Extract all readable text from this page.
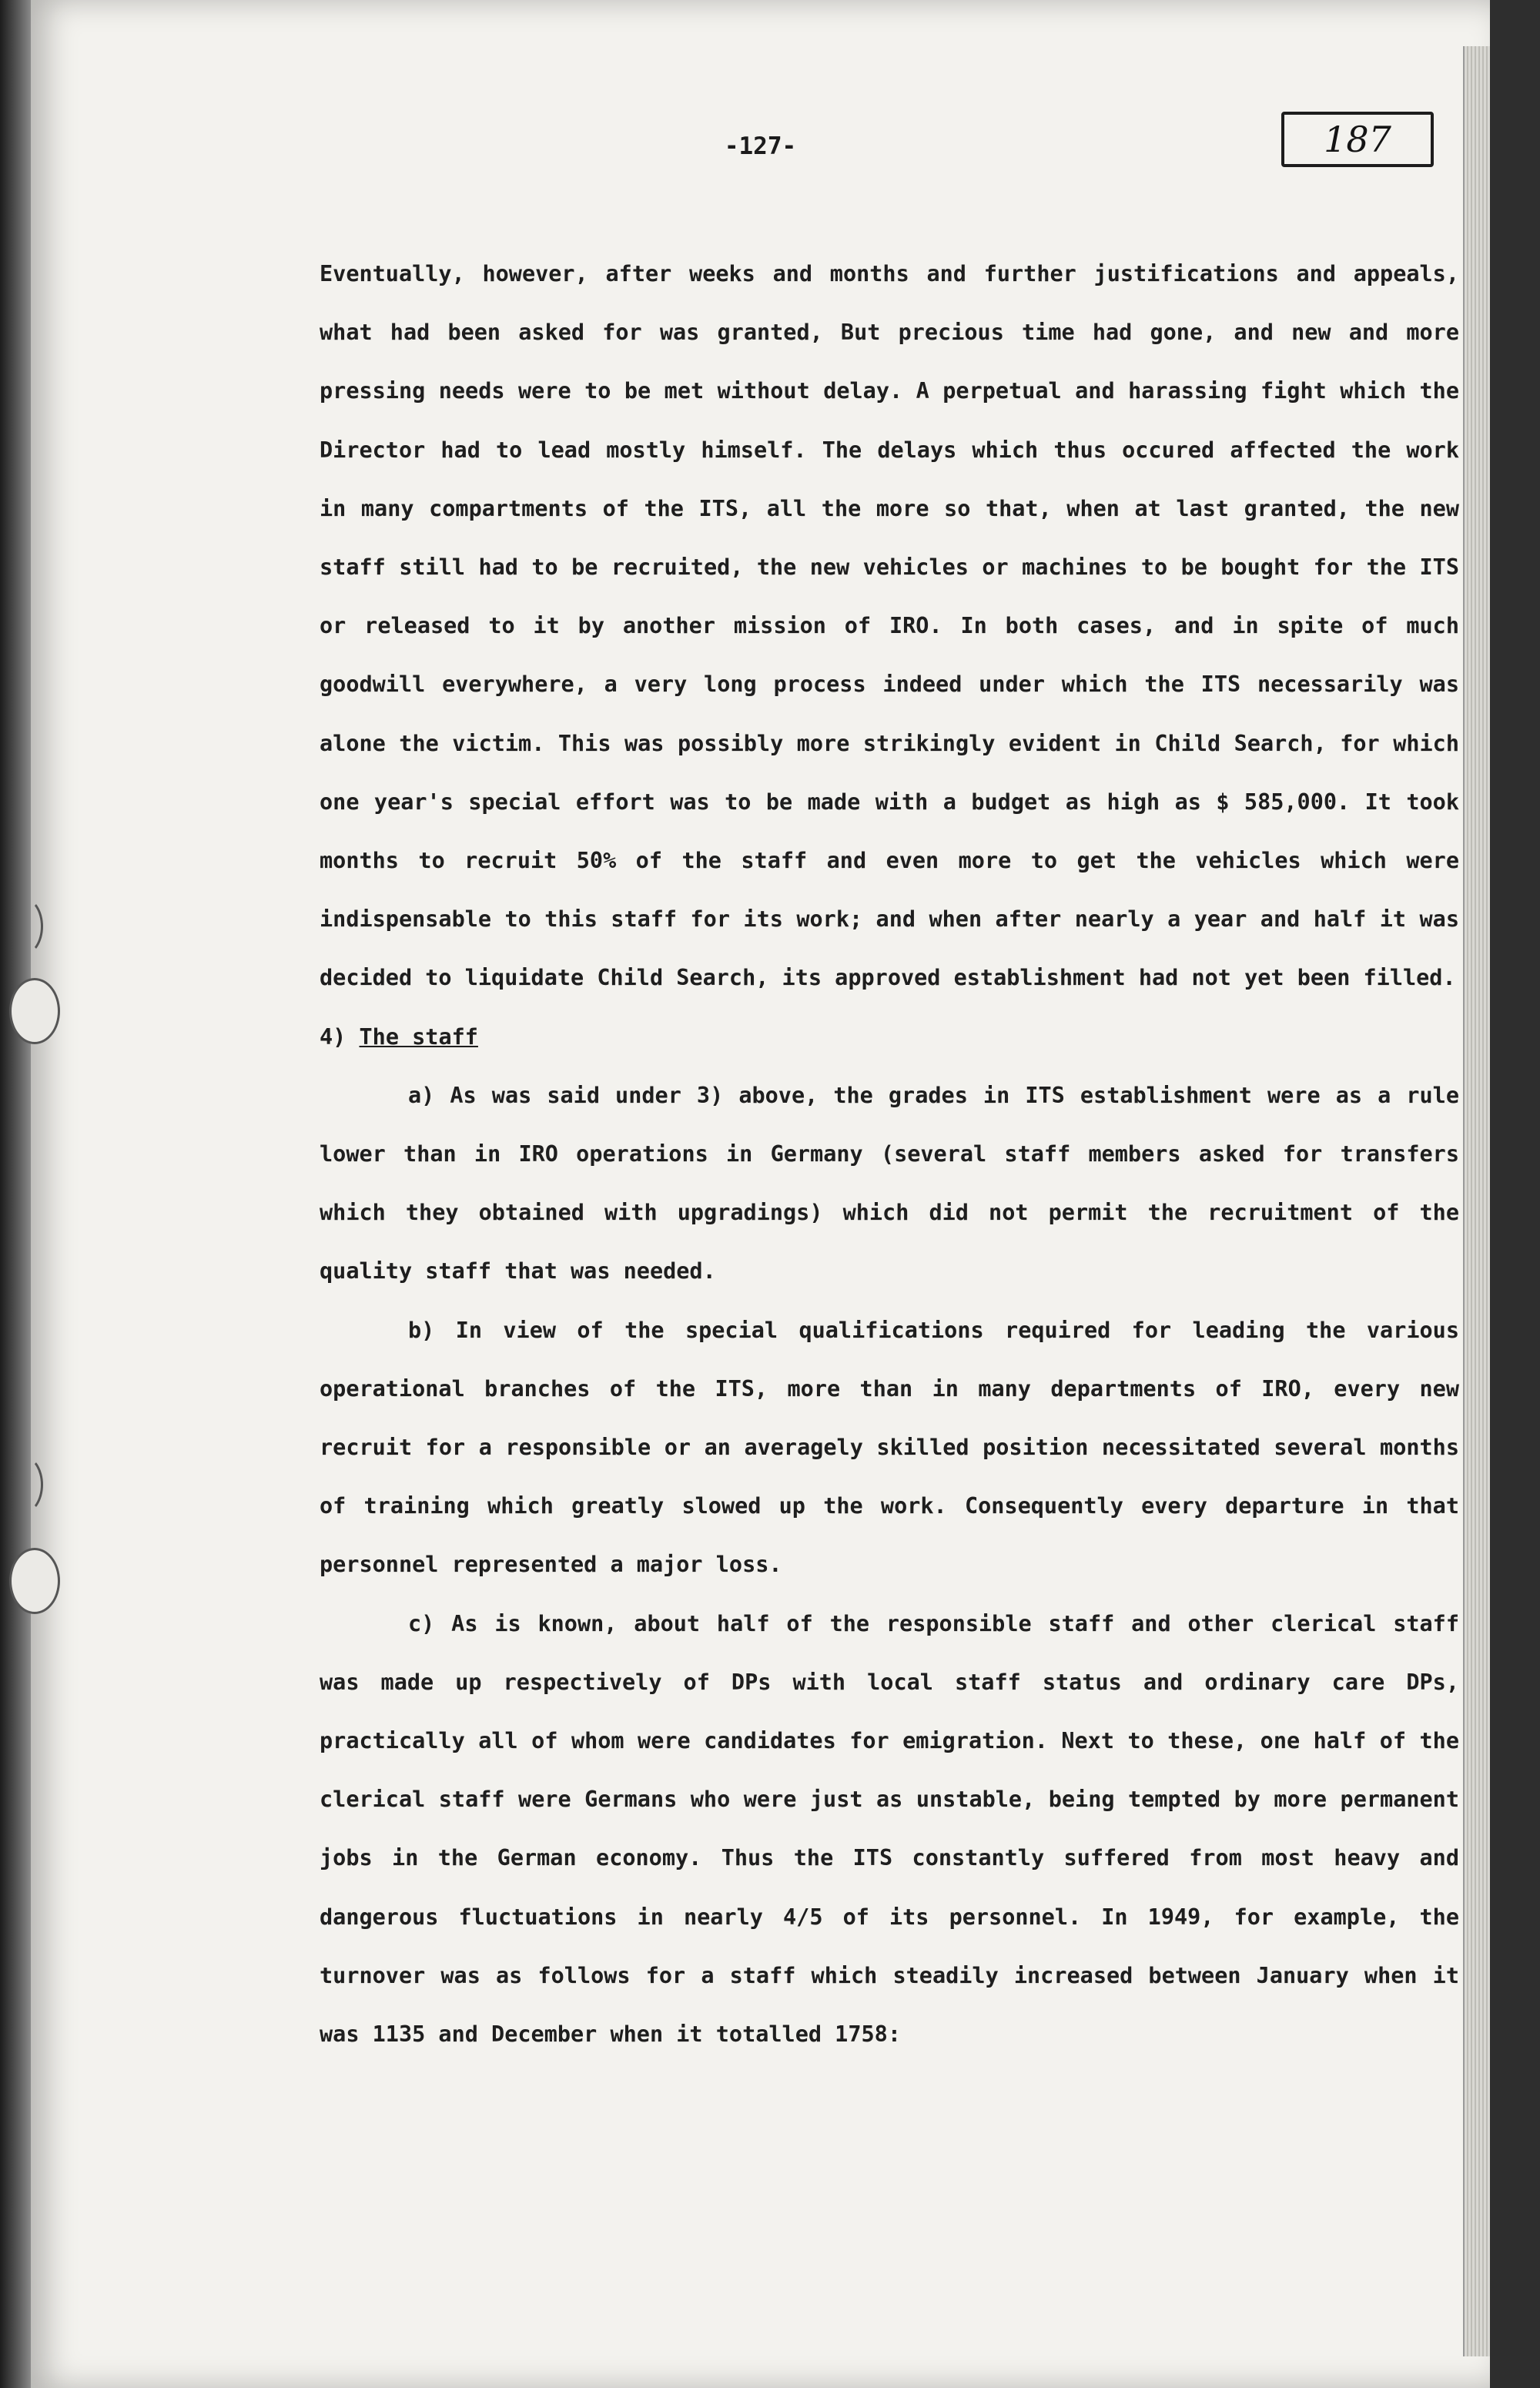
-127-	187

Eventually, however, after weeks and months and further justifications and appeals, what had been asked for was granted, But precious time had gone, and new and more pressing needs were to be met without delay. A perpetual and harassing fight which the Director had to lead mostly himself. The delays which thus occured affected the work in many compartments of the ITS, all the more so that, when at last granted, the new staff still had to be recruited, the new vehicles or machines to be bought for the ITS or released to it by another mission of IRO. In both cases, and in spite of much goodwill everywhere, a very long process indeed under which the ITS necessarily was alone the victim. This was possibly more strikingly evident in Child Search, for which one year's special effort was to be made with a budget as high as $ 585,000. It took months to recruit 50% of the staff and even more to get the vehicles which were indispensable to this staff for its work; and when after nearly a year and half it was decided to liquidate Child Search, its approved establishment had not yet been filled.

4) The staff

a) As was said under 3) above, the grades in ITS establishment were as a rule lower than in IRO operations in Germany (several staff members asked for transfers which they obtained with upgradings) which did not permit the recruitment of the quality staff that was needed.

b) In view of the special qualifications required for leading the various operational branches of the ITS, more than in many departments of IRO, every new recruit for a responsible or an averagely skilled position necessitated several months of training which greatly slowed up the work. Consequently every departure in that personnel represented a major loss.

c) As is known, about half of the responsible staff and other clerical staff was made up respectively of DPs with local staff status and ordinary care DPs, practically all of whom were candidates for emigration. Next to these, one half of the clerical staff were Germans who were just as unstable, being tempted by more permanent jobs in the German economy. Thus the ITS constantly suffered from most heavy and dangerous fluctuations in nearly 4/5 of its personnel. In 1949, for example, the turnover was as follows for a staff which steadily increased between January when it was 1135 and December when it totalled 1758:
